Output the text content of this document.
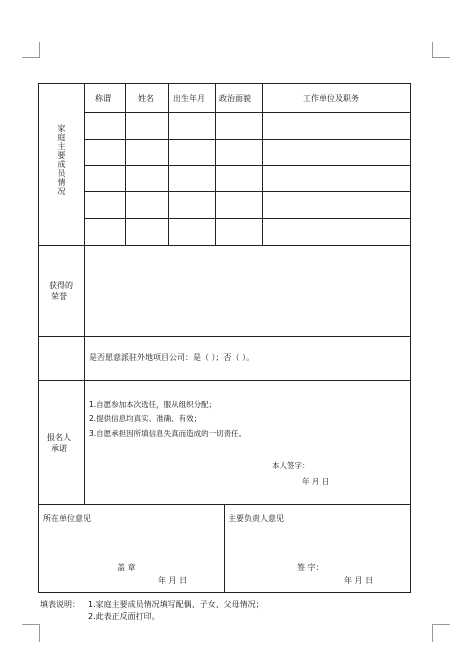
家庭主要成员情况
称谓	姓名 出生年月 政治面貌	工作单位及职务
获得的
荣誉
是否愿意派驻外地项目公司：是（ ）；否（ ）。
报名人
承诺
1.自愿参加本次选任，服从组织分配；
2.提供信息均真实、准确、有效；
3.自愿承担因所填信息失真而造成的一切责任。
本人签字：
年 月 日
所在单位意见
盖 章
年 月 日
主要负责人意见
签 字：
年 月 日
填表说明： 1.家庭主要成员情况填写配偶、子女、父母情况；
2.此表正反面打印。
